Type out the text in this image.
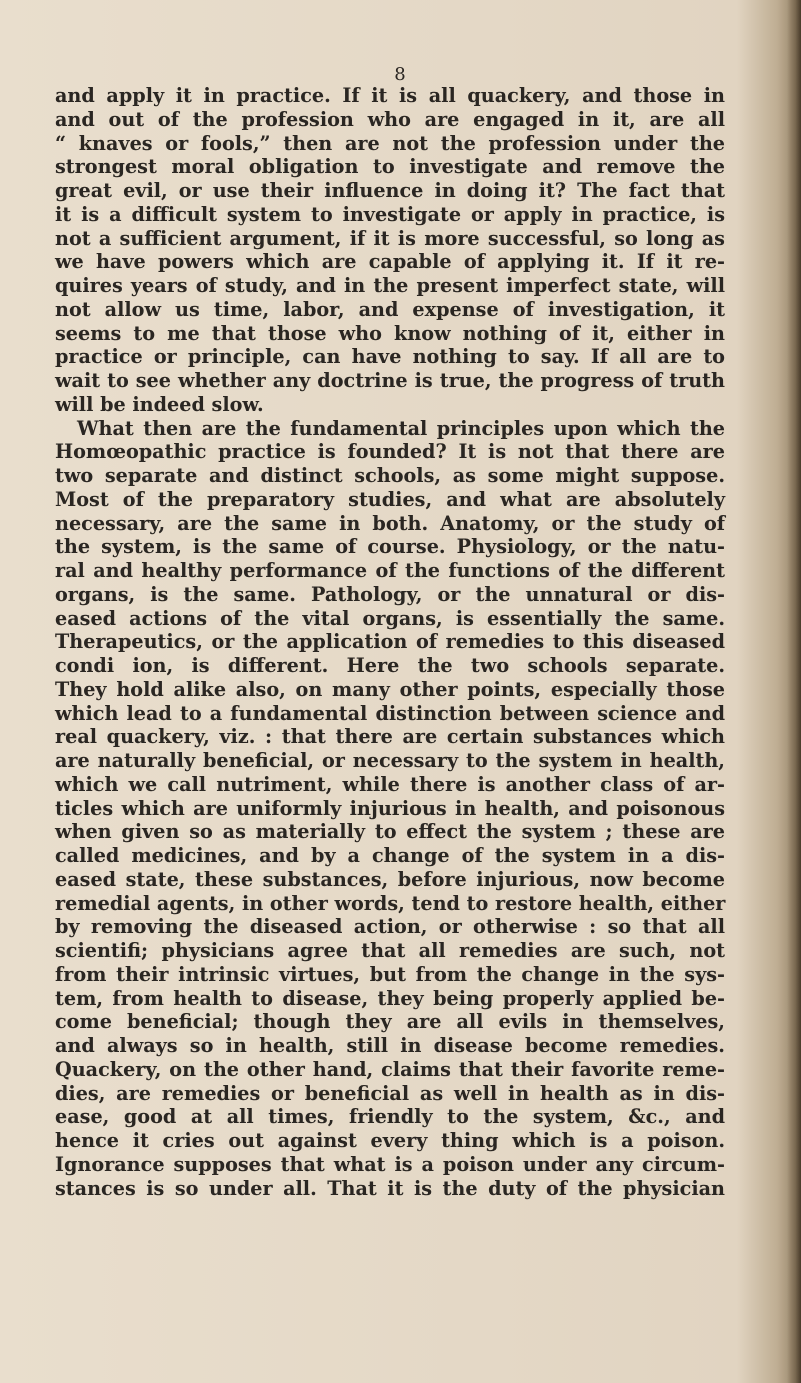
8
and apply it in practice. If it is all quackery, and those in
and out of the profession who are engaged in it, are all
“ knaves or fools,” then are not the profession under the
strongest moral obligation to investigate and remove the
great evil, or use their influence in doing it? The fact that
it is a difficult system to investigate or apply in practice, is
not a sufficient argument, if it is more successful, so long as
we have powers which are capable of applying it. If it re-
quires years of study, and in the present imperfect state, will
not allow us time, labor, and expense of investigation, it
seems to me that those who know nothing of it, either in
practice or principle, can have nothing to say. If all are to
wait to see whether any doctrine is true, the progress of truth
will be indeed slow.
What then are the fundamental principles upon which the
Homœopathic practice is founded? It is not that there are
two separate and distinct schools, as some might suppose.
Most of the preparatory studies, and what are absolutely
necessary, are the same in both. Anatomy, or the study of
the system, is the same of course. Physiology, or the natu-
ral and healthy performance of the functions of the different
organs, is the same. Pathology, or the unnatural or dis-
eased actions of the vital organs, is essentially the same.
Therapeutics, or the application of remedies to this diseased
condi ion, is different. Here the two schools separate.
They hold alike also, on many other points, especially those
which lead to a fundamental distinction between science and
real quackery, viz. : that there are certain substances which
are naturally beneficial, or necessary to the system in health,
which we call nutriment, while there is another class of ar-
ticles which are uniformly injurious in health, and poisonous
when given so as materially to effect the system ; these are
called medicines, and by a change of the system in a dis-
eased state, these substances, before injurious, now become
remedial agents, in other words, tend to restore health, either
by removing the diseased action, or otherwise : so that all
scientifi; physicians agree that all remedies are such, not
from their intrinsic virtues, but from the change in the sys-
tem, from health to disease, they being properly applied be-
come beneficial; though they are all evils in themselves,
and always so in health, still in disease become remedies.
Quackery, on the other hand, claims that their favorite reme-
dies, are remedies or beneficial as well in health as in dis-
ease, good at all times, friendly to the system, &c., and
hence it cries out against every thing which is a poison.
Ignorance supposes that what is a poison under any circum-
stances is so under all. That it is the duty of the physician
